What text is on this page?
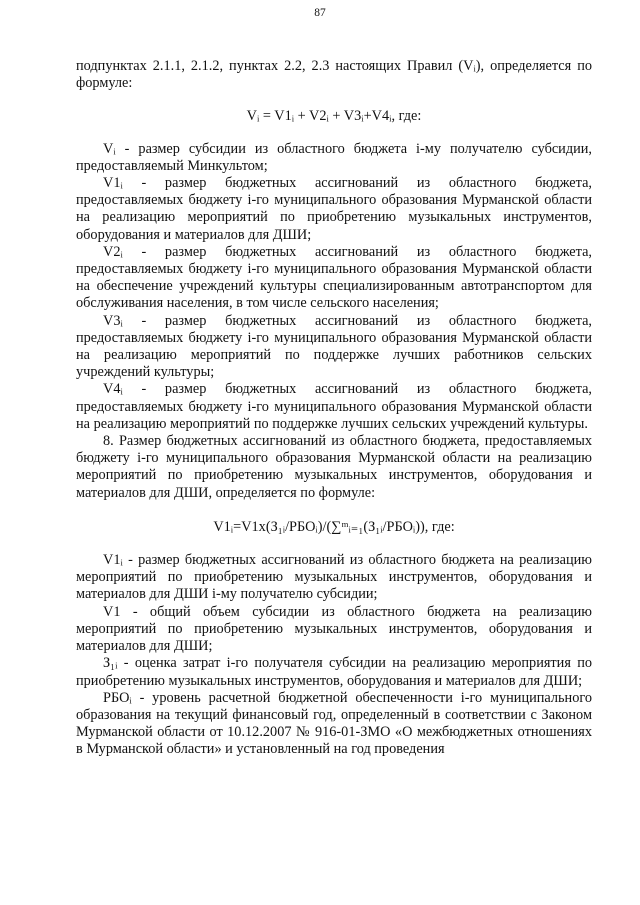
87

подпунктах 2.1.1, 2.1.2, пунктах 2.2, 2.3 настоящих Правил (Vᵢ), определяется по формуле:

Vᵢ = V1ᵢ + V2ᵢ + V3ᵢ+V4ᵢ, где:

Vᵢ - размер субсидии из областного бюджета i-му получателю субсидии, предоставляемый Минкультом;

V1ᵢ - размер бюджетных ассигнований из областного бюджета, предоставляемых бюджету i-го муниципального образования Мурманской области на реализацию мероприятий по приобретению музыкальных инструментов, оборудования и материалов для ДШИ;

V2ᵢ - размер бюджетных ассигнований из областного бюджета, предоставляемых бюджету i-го муниципального образования Мурманской области на обеспечение учреждений культуры специализированным автотранспортом для обслуживания населения, в том числе сельского населения;

V3ᵢ - размер бюджетных ассигнований из областного бюджета, предоставляемых бюджету i-го муниципального образования Мурманской области на реализацию мероприятий по поддержке лучших работников сельских учреждений культуры;

V4ᵢ - размер бюджетных ассигнований из областного бюджета, предоставляемых бюджету i-го муниципального образования Мурманской области на реализацию мероприятий по поддержке лучших сельских учреждений культуры.

8. Размер бюджетных ассигнований из областного бюджета, предоставляемых бюджету i-го муниципального образования Мурманской области на реализацию мероприятий по приобретению музыкальных инструментов, оборудования и материалов для ДШИ, определяется по формуле:

V1ᵢ=V1х(З₁ᵢ/РБОᵢ)/(∑ᵐᵢ₌₁(З₁ᵢ/РБОᵢ)), где:

V1ᵢ - размер бюджетных ассигнований из областного бюджета на реализацию мероприятий по приобретению музыкальных инструментов, оборудования и материалов для ДШИ i-му получателю субсидии;

V1 - общий объем субсидии из областного бюджета на реализацию мероприятий по приобретению музыкальных инструментов, оборудования и материалов для ДШИ;

З₁ᵢ - оценка затрат i-го получателя субсидии на реализацию мероприятия по приобретению музыкальных инструментов, оборудования и материалов для ДШИ;

РБОᵢ - уровень расчетной бюджетной обеспеченности i-го муниципального образования на текущий финансовый год, определенный в соответствии с Законом Мурманской области от 10.12.2007 № 916-01-ЗМО «О межбюджетных отношениях в Мурманской области» и установленный на год проведения
